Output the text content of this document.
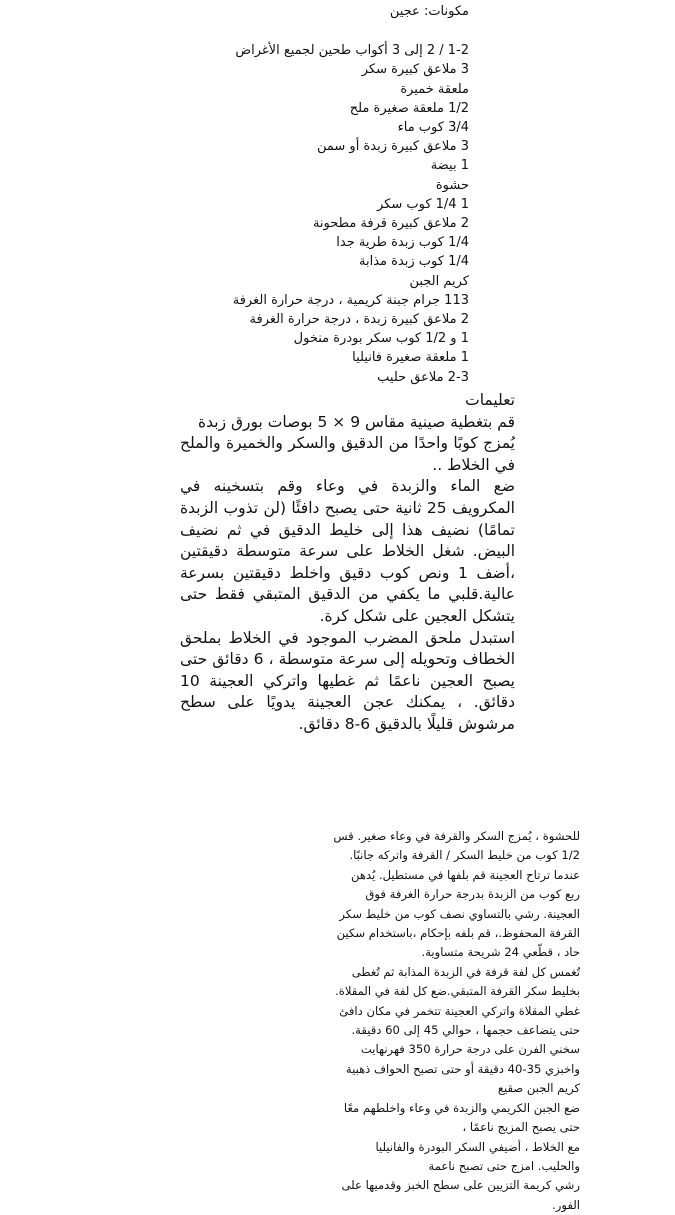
مكونات: عجين

1-2 / 2 إلى 3 أكواب طحين لجميع الأغراض

3 ملاعق كبيرة سكر

ملعقة خميرة

1/2 ملعقة صغيرة ملح

3/4 كوب ماء

3 ملاعق كبيرة زبدة أو سمن

1 بيضة

حشوة

1 1/4 كوب سكر

2 ملاعق كبيرة قرفة مطحونة

1/4 كوب زبدة طرية جدا

1/4 كوب زبدة مذابة

كريم الجبن

113 جرام جبنة كريمية ، درجة حرارة الغرفة

2 ملاعق كبيرة زبدة ، درجة حرارة الغرفة

1 و 1/2 كوب سكر بودرة منخول

1 ملعقة صغيرة فانيليا

2-3 ملاعق حليب

تعليمات

قم بتغطية صينية مقاس 9 × 5 بوصات بورق زبدة

يُمزج كوبًا واحدًا من الدقيق والسكر والخميرة والملح في الخلاط ..

ضع الماء والزبدة في وعاء وقم بتسخينه في المكرويف 25 ثانية حتى يصبح دافئًا (لن تذوب الزبدة تمامًا) نضيف هذا إلى خليط الدقيق في ثم نضيف البيض. شغل الخلاط على سرعة متوسطة دقيقتين ،أضف 1 ونص كوب دقيق واخلط دقيقتين بسرعة عالية.قلبي ما يكفي من الدقيق المتبقي فقط حتى يتشكل العجين على شكل كرة.

استبدل ملحق المضرب الموجود في الخلاط بملحق الخطاف وتحويله إلى سرعة متوسطة ، 6 دقائق حتى يصبح العجين ناعمًا ثم غطيها واتركي العجينة 10 دقائق. ، يمكنك عجن العجينة يدويًا على سطح مرشوش قليلًا بالدقيق 6-8 دقائق.

للحشوة ، يُمزج السكر والقرفة في وعاء صغير. قس

1/2 كوب من خليط السكر / القرفة واتركه جانبًا.

عندما ترتاح العجينة قم بلفها في مستطيل. يُدهن

ربع كوب من الزبدة بدرجة حرارة الغرفة فوق

العجينة. رشي بالتساوي نصف كوب من خليط سكر

القرفة المحفوظ.، قم بلفه بإحكام ،باستخدام سكين

حاد ، قطّعي 24 شريحة متساوية.

تُغمس كل لفة قرفة في الزبدة المذابة ثم تُغطى

بخليط سكر القرفة المتبقي.ضع كل لفة في المقلاة.

غطي المقلاة واتركي العجينة تتخمر في مكان دافئ

حتى يتضاعف حجمها ، حوالي 45 إلى 60 دقيقة.

سخني الفرن على درجة حرارة 350 فهرنهايت

واخبزي 35-40 دقيقة أو حتى تصبح الحواف ذهبية

كريم الجبن صقيع

ضع الجبن الكريمي والزبدة في وعاء واخلطهم معًا

حتى يصبح المزيج ناعمًا ،

مع الخلاط ، أضيفي السكر البودرة والفانيليا

والحليب. امزج حتى تصبح ناعمة

رشي كريمة التزيين على سطح الخبز وقدميها على

الفور.
